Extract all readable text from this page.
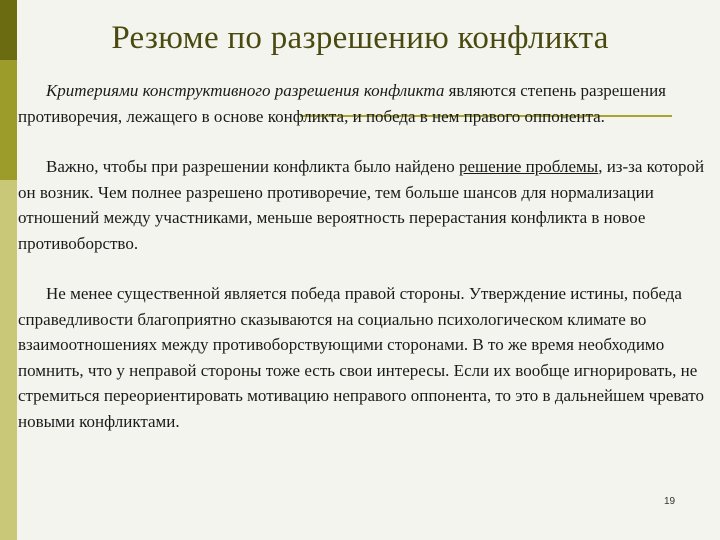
Резюме по разрешению конфликта

Критериями конструктивного разрешения конфликта являются степень разрешения противоречия, лежащего в основе конфликта, и победа в нем правого оппонента.

Важно, чтобы при разрешении конфликта было найдено решение проблемы, из-за которой он возник. Чем полнее разрешено противоречие, тем больше шансов для нормализации отношений между участниками, меньше вероятность перерастания конфликта в новое противоборство.

Не менее существенной является победа правой стороны. Утверждение истины, победа справедливости благоприятно сказываются на социально психологическом климате во взаимоотношениях между противоборствующими сторонами. В то же время необходимо помнить, что у неправой стороны тоже есть свои интересы. Если их вообще игнорировать, не стремиться переориентировать мотивацию неправого оппонента, то это в дальнейшем чревато новыми конфликтами.

19
